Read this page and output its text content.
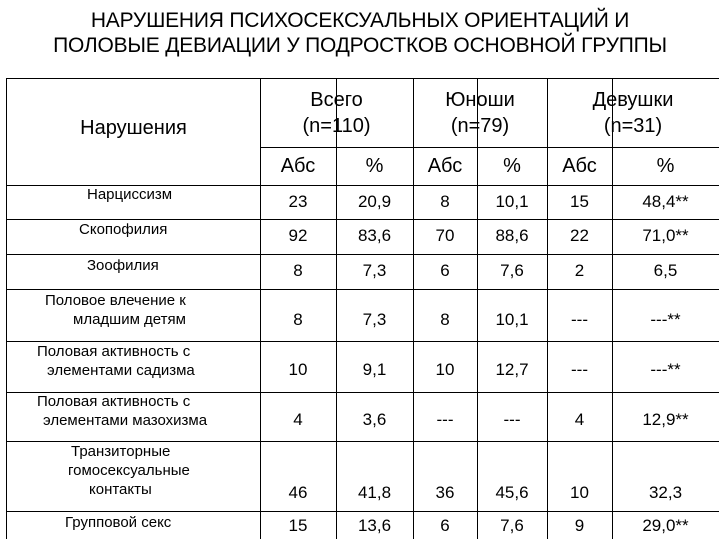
НАРУШЕНИЯ ПСИХОСЕКСУАЛЬНЫХ ОРИЕНТАЦИЙ И
ПОЛОВЫЕ ДЕВИАЦИИ У ПОДРОСТКОВ ОСНОВНОЙ ГРУППЫ
Нарушения
Всего
(n=110)
Юноши
(n=79)
Девушки
(n=31)
Абс	%	Абс	%	Абс	%
Нарциссизм	23	20,9	8	10,1	15	48,4**
Скопофилия	92	83,6	70	88,6	22	71,0**
Зоофилия	8	7,3	6	7,6	2	6,5
Половое влечение к
младшим детям	8	7,3	8	10,1	---	---**
Половая активность с
элементами садизма	10	9,1	10	12,7	---	---**
Половая активность с
элементами мазохизма	4	3,6	---	---	4	12,9**
Транзиторные
гомосексуальные
контакты	46	41,8	36	45,6	10	32,3
Групповой секс	15	13,6	6	7,6	9	29,0**
